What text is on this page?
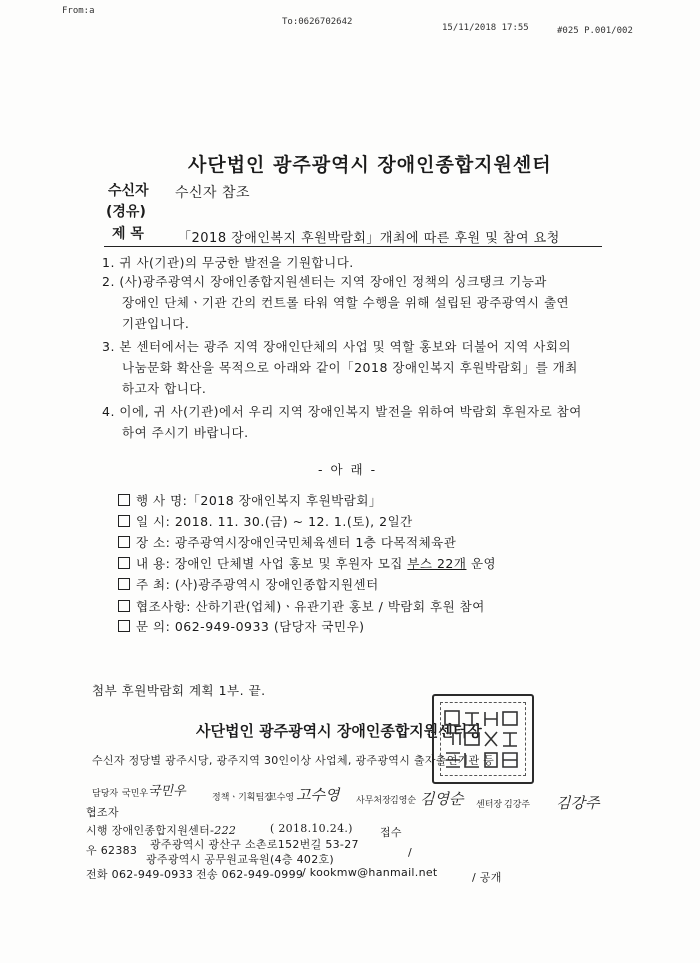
From:a
To:0626702642
15/11/2018 17:55	#025 P.001/002
사단법인 광주광역시 장애인종합지원센터
수신자 수신자 참조
(경유)
제 목	「2018 장애인복지 후원박람회」개최에 따른 후원 및 참여 요청
1. 귀 사(기관)의 무궁한 발전을 기원합니다.
2. (사)광주광역시 장애인종합지원센터는 지역 장애인 정책의 싱크탱크 기능과
장애인 단체ㆍ기관 간의 컨트롤 타워 역할 수행을 위해 설립된 광주광역시 출연
기관입니다.
3. 본 센터에서는 광주 지역 장애인단체의 사업 및 역할 홍보와 더불어 지역 사회의
나눔문화 확산을 목적으로 아래와 같이「2018 장애인복지 후원박람회」를 개최
하고자 합니다.
4. 이에, 귀 사(기관)에서 우리 지역 장애인복지 발전을 위하여 박람회 후원자로 참여
하여 주시기 바랍니다.
- 아 래 -
행 사 명:「2018 장애인복지 후원박람회」
일 시: 2018. 11. 30.(금) ~ 12. 1.(토), 2일간
장 소: 광주광역시장애인국민체육센터 1층 다목적체육관
내 용: 장애인 단체별 사업 홍보 및 후원자 모집 부스 22개 운영
주 최: (사)광주광역시 장애인종합지원센터
협조사항: 산하기관(업체)ㆍ유관기관 홍보 / 박람회 후원 참여
문 의: 062-949-0933 (담당자 국민우)
첨부 후원박람회 계획 1부. 끝.
사단법인 광주광역시 장애인종합지원센터장
수신자 정당별 광주시당, 광주지역 30인이상 사업체, 광주광역시 출자출연기관 등
담당자 국민우 국민우	정책ㆍ기획팀장
고수영 고수영 사무처장 김영순 김영순 센터장 김강주 김강주
협조자
시행 장애인종합지원센터-222	( 2018.10.24.) 접수
우 62383 광주광역시 광산구 소촌로152번길 53-27
광주광역시 공무원교육원(4층 402호)
/
전화 062-949-0933 전송 062-949-0999
/ kookmw@hanmail.net	/ 공개
